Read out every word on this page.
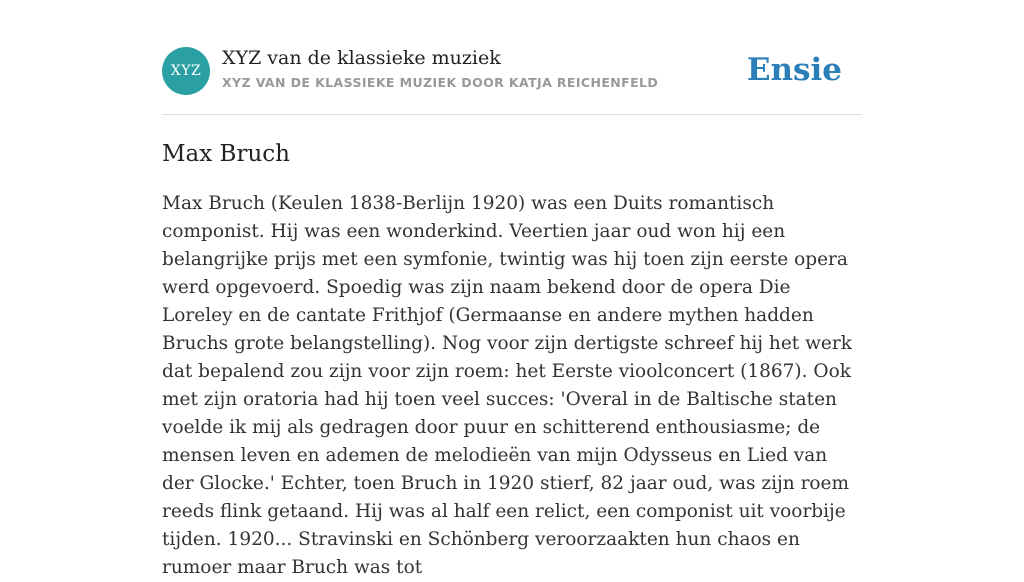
XYZ
XYZ van de klassieke muziek
XYZ VAN DE KLASSIEKE MUZIEK DOOR KATJA REICHENFELD	Ensie
Max Bruch
Max Bruch (Keulen 1838-Berlijn 1920) was een Duits romantisch componist. Hij was een wonderkind. Veertien jaar oud won hij een belangrijke prijs met een symfonie, twintig was hij toen zijn eerste opera werd opgevoerd. Spoedig was zijn naam bekend door de opera Die Loreley en de cantate Frithjof (Germaanse en andere mythen hadden Bruchs grote belangstelling). Nog voor zijn dertigste schreef hij het werk dat bepalend zou zijn voor zijn roem: het Eerste vioolconcert (1867). Ook met zijn oratoria had hij toen veel succes: 'Overal in de Baltische staten voelde ik mij als gedragen door puur en schitterend enthousiasme; de mensen leven en ademen de melodieën van mijn Odysseus en Lied van der Glocke.' Echter, toen Bruch in 1920 stierf, 82 jaar oud, was zijn roem reeds flink getaand. Hij was al half een relict, een componist uit voorbije tijden. 1920... Stravinski en Schönberg veroorzaakten hun chaos en rumoer maar Bruch was tot
